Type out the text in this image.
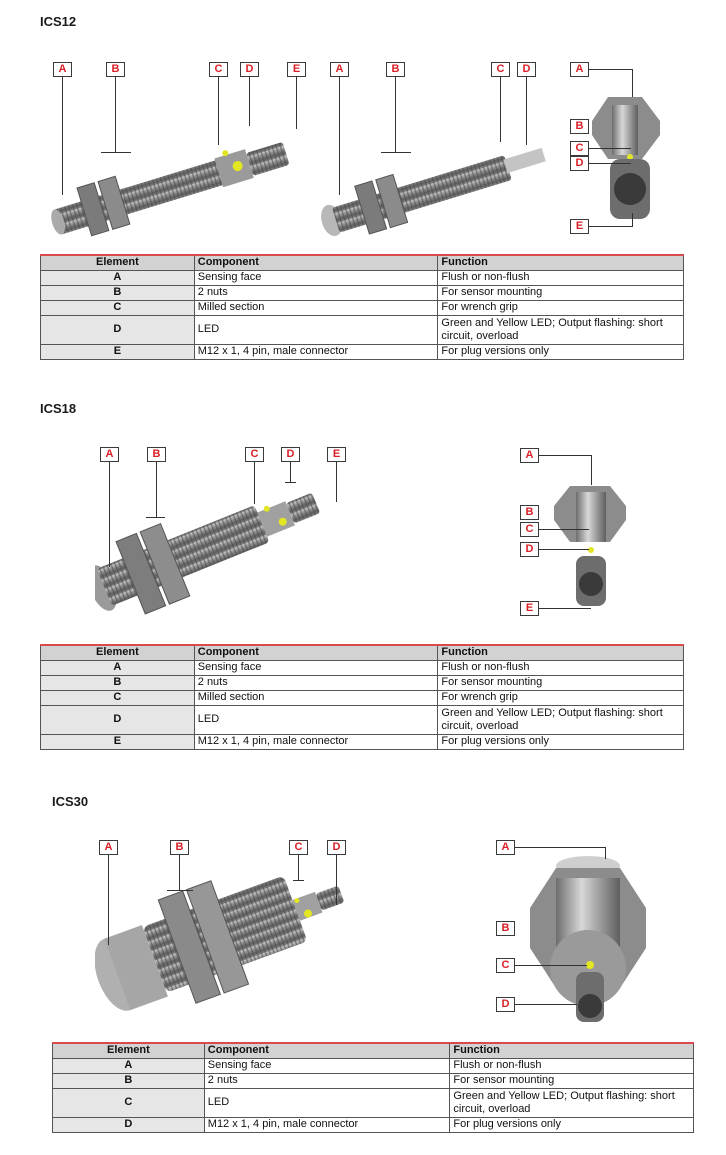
ICS12
A	B	C	D	E	A	B	C	D	A
B
C
D
E
Element	Component	Function
A	Sensing face	Flush or non-flush
B	2 nuts	For sensor mounting
C	Milled section	For wrench grip
D	LED	Green and Yellow LED; Output flashing: short circuit, overload
E	M12 x 1, 4 pin, male connector	For plug versions only
ICS18
A	B	C	D	E	A
B
C
D
E
Element	Component	Function
A	Sensing face	Flush or non-flush
B	2 nuts	For sensor mounting
C	Milled section	For wrench grip
D	LED	Green and Yellow LED; Output flashing: short circuit, overload
E	M12 x 1, 4 pin, male connector	For plug versions only
ICS30
A	B	C	D	A
B
C
D
Element	Component	Function
A	Sensing face	Flush or non-flush
B	2 nuts	For sensor mounting
C	LED	Green and Yellow LED; Output flashing: short circuit, overload
D	M12 x 1, 4 pin, male connector	For plug versions only
